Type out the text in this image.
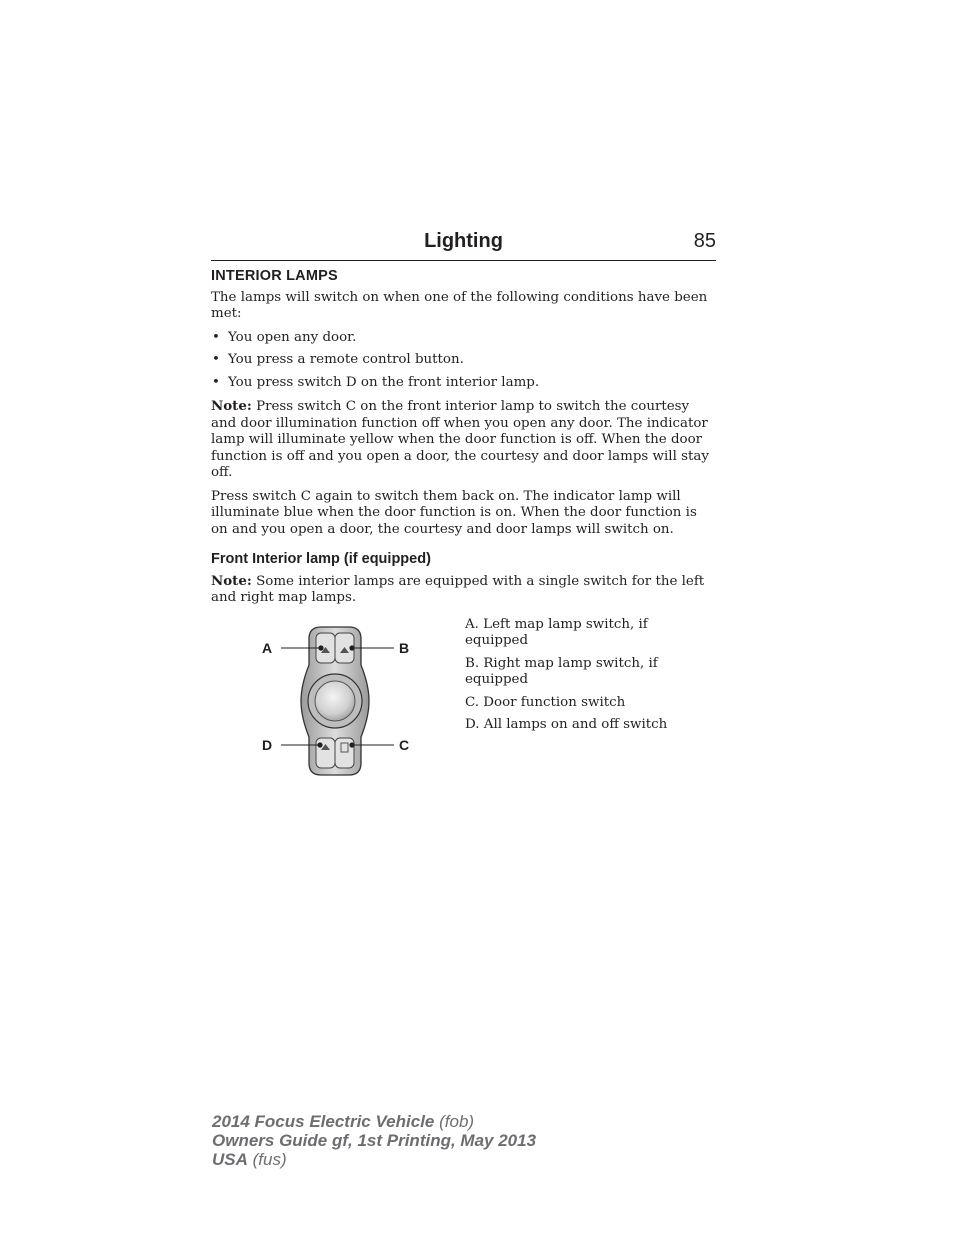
Lighting	85
INTERIOR LAMPS

The lamps will switch on when one of the following conditions have been met:

• You open any door.
• You press a remote control button.
• You press switch D on the front interior lamp.

Note: Press switch C on the front interior lamp to switch the courtesy and door illumination function off when you open any door. The indicator lamp will illuminate yellow when the door function is off. When the door function is off and you open a door, the courtesy and door lamps will stay off.

Press switch C again to switch them back on. The indicator lamp will illuminate blue when the door function is on. When the door function is on and you open a door, the courtesy and door lamps will switch on.

Front Interior lamp (if equipped)

Note: Some interior lamps are equipped with a single switch for the left and right map lamps.

A	B
D	C
A. Left map lamp switch, if equipped
B. Right map lamp switch, if equipped
C. Door function switch
D. All lamps on and off switch
2014 Focus Electric Vehicle (fob)
Owners Guide gf, 1st Printing, May 2013
USA (fus)
